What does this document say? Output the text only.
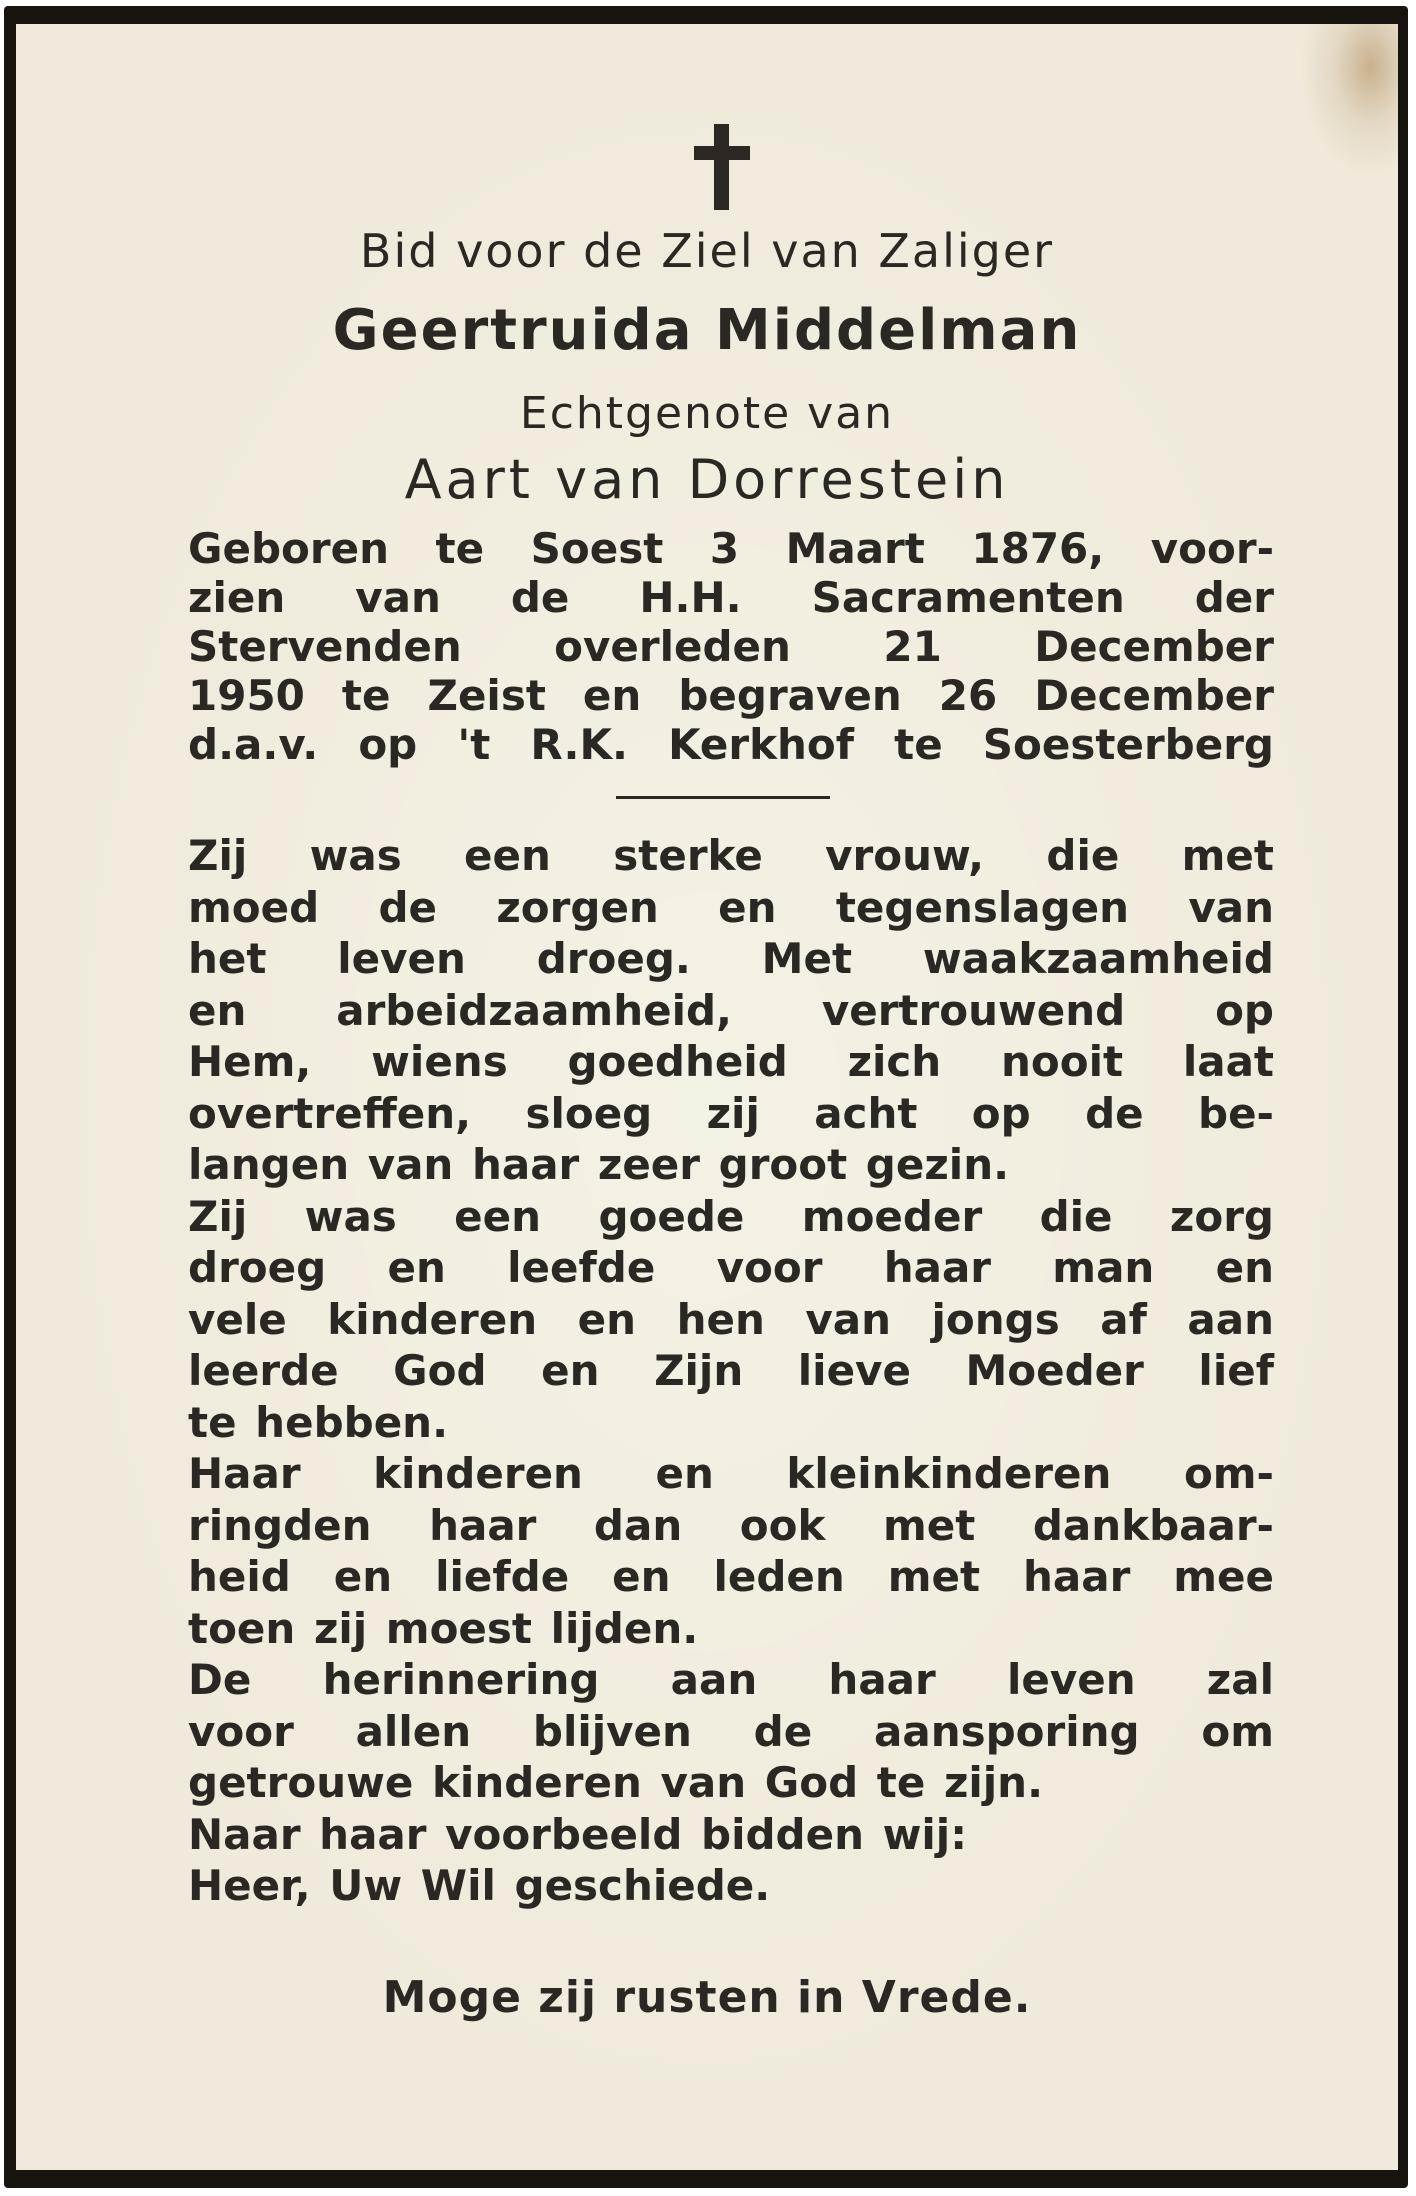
Bid voor de Ziel van Zaliger
Geertruida Middelman
Echtgenote van
Aart van Dorrestein
Geboren te Soest 3 Maart 1876, voor-
zien van de H.H. Sacramenten der
Stervenden overleden 21 December
1950 te Zeist en begraven 26 December
d.a.v. op 't R.K. Kerkhof te Soesterberg
Zij was een sterke vrouw, die met
moed de zorgen en tegenslagen van
het leven droeg. Met waakzaamheid
en arbeidzaamheid, vertrouwend op
Hem, wiens goedheid zich nooit laat
overtreffen, sloeg zij acht op de be-
langen van haar zeer groot gezin.
Zij was een goede moeder die zorg
droeg en leefde voor haar man en
vele kinderen en hen van jongs af aan
leerde God en Zijn lieve Moeder lief
te hebben.
Haar kinderen en kleinkinderen om-
ringden haar dan ook met dankbaar-
heid en liefde en leden met haar mee
toen zij moest lijden.
De herinnering aan haar leven zal
voor allen blijven de aansporing om
getrouwe kinderen van God te zijn.
Naar haar voorbeeld bidden wij:
Heer, Uw Wil geschiede.
Moge zij rusten in Vrede.
